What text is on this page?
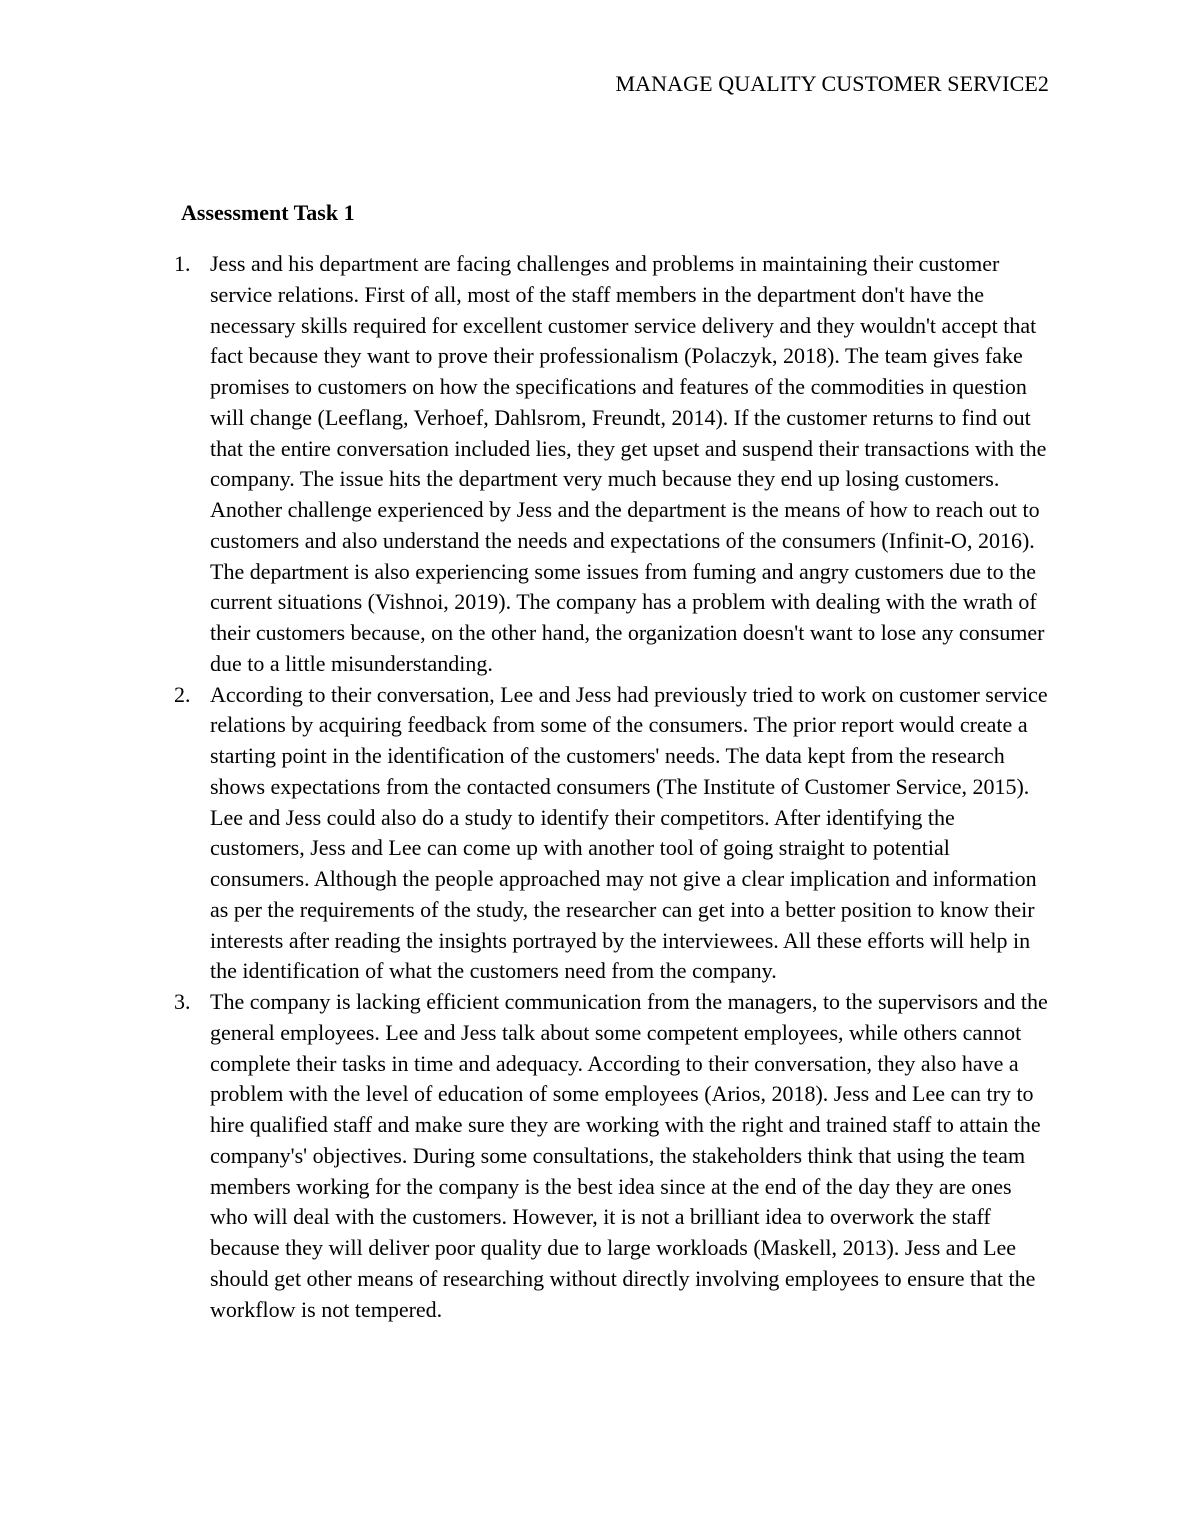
MANAGE QUALITY CUSTOMER SERVICE2
Assessment Task 1
1. Jess and his department are facing challenges and problems in maintaining their customer service relations. First of all, most of the staff members in the department don't have the necessary skills required for excellent customer service delivery and they wouldn't accept that fact because they want to prove their professionalism (Polaczyk, 2018). The team gives fake promises to customers on how the specifications and features of the commodities in question will change (Leeflang, Verhoef, Dahlsrom, Freundt, 2014). If the customer returns to find out that the entire conversation included lies, they get upset and suspend their transactions with the company. The issue hits the department very much because they end up losing customers. Another challenge experienced by Jess and the department is the means of how to reach out to customers and also understand the needs and expectations of the consumers (Infinit-O, 2016). The department is also experiencing some issues from fuming and angry customers due to the current situations (Vishnoi, 2019). The company has a problem with dealing with the wrath of their customers because, on the other hand, the organization doesn't want to lose any consumer due to a little misunderstanding.
2. According to their conversation, Lee and Jess had previously tried to work on customer service relations by acquiring feedback from some of the consumers. The prior report would create a starting point in the identification of the customers' needs. The data kept from the research shows expectations from the contacted consumers (The Institute of Customer Service, 2015). Lee and Jess could also do a study to identify their competitors. After identifying the customers, Jess and Lee can come up with another tool of going straight to potential consumers. Although the people approached may not give a clear implication and information as per the requirements of the study, the researcher can get into a better position to know their interests after reading the insights portrayed by the interviewees. All these efforts will help in the identification of what the customers need from the company.
3. The company is lacking efficient communication from the managers, to the supervisors and the general employees. Lee and Jess talk about some competent employees, while others cannot complete their tasks in time and adequacy. According to their conversation, they also have a problem with the level of education of some employees (Arios, 2018). Jess and Lee can try to hire qualified staff and make sure they are working with the right and trained staff to attain the company's' objectives. During some consultations, the stakeholders think that using the team members working for the company is the best idea since at the end of the day they are ones who will deal with the customers. However, it is not a brilliant idea to overwork the staff because they will deliver poor quality due to large workloads (Maskell, 2013). Jess and Lee should get other means of researching without directly involving employees to ensure that the workflow is not tempered.
